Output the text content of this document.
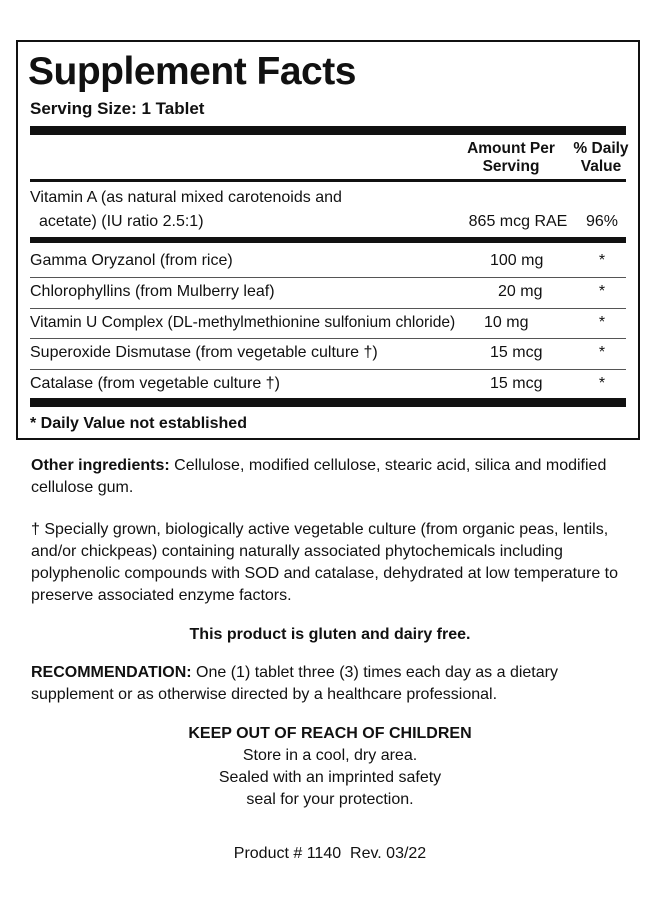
Supplement Facts
Serving Size: 1 Tablet
Amount Per
Serving
% Daily
Value
Vitamin A (as natural mixed carotenoids and
acetate) (IU ratio 2.5:1)	865 mcg RAE	96%
Gamma Oryzanol (from rice)	100 mg	*
Chlorophyllins (from Mulberry leaf)	20 mg	*
Vitamin U Complex (DL-methylmethionine sulfonium chloride) 10 mg	*
Superoxide Dismutase (from vegetable culture †)	15 mcg	*
Catalase (from vegetable culture †)	15 mcg	*
* Daily Value not established
Other ingredients: Cellulose, modified cellulose, stearic acid, silica and modified cellulose gum.
† Specially grown, biologically active vegetable culture (from organic peas, lentils, and/or chickpeas) containing naturally associated phytochemicals including polyphenolic compounds with SOD and catalase, dehydrated at low temperature to preserve associated enzyme factors.
This product is gluten and dairy free.
RECOMMENDATION: One (1) tablet three (3) times each day as a dietary supplement or as otherwise directed by a healthcare professional.
KEEP OUT OF REACH OF CHILDREN
Store in a cool, dry area.
Sealed with an imprinted safety
seal for your protection.
Product # 1140  Rev. 03/22
